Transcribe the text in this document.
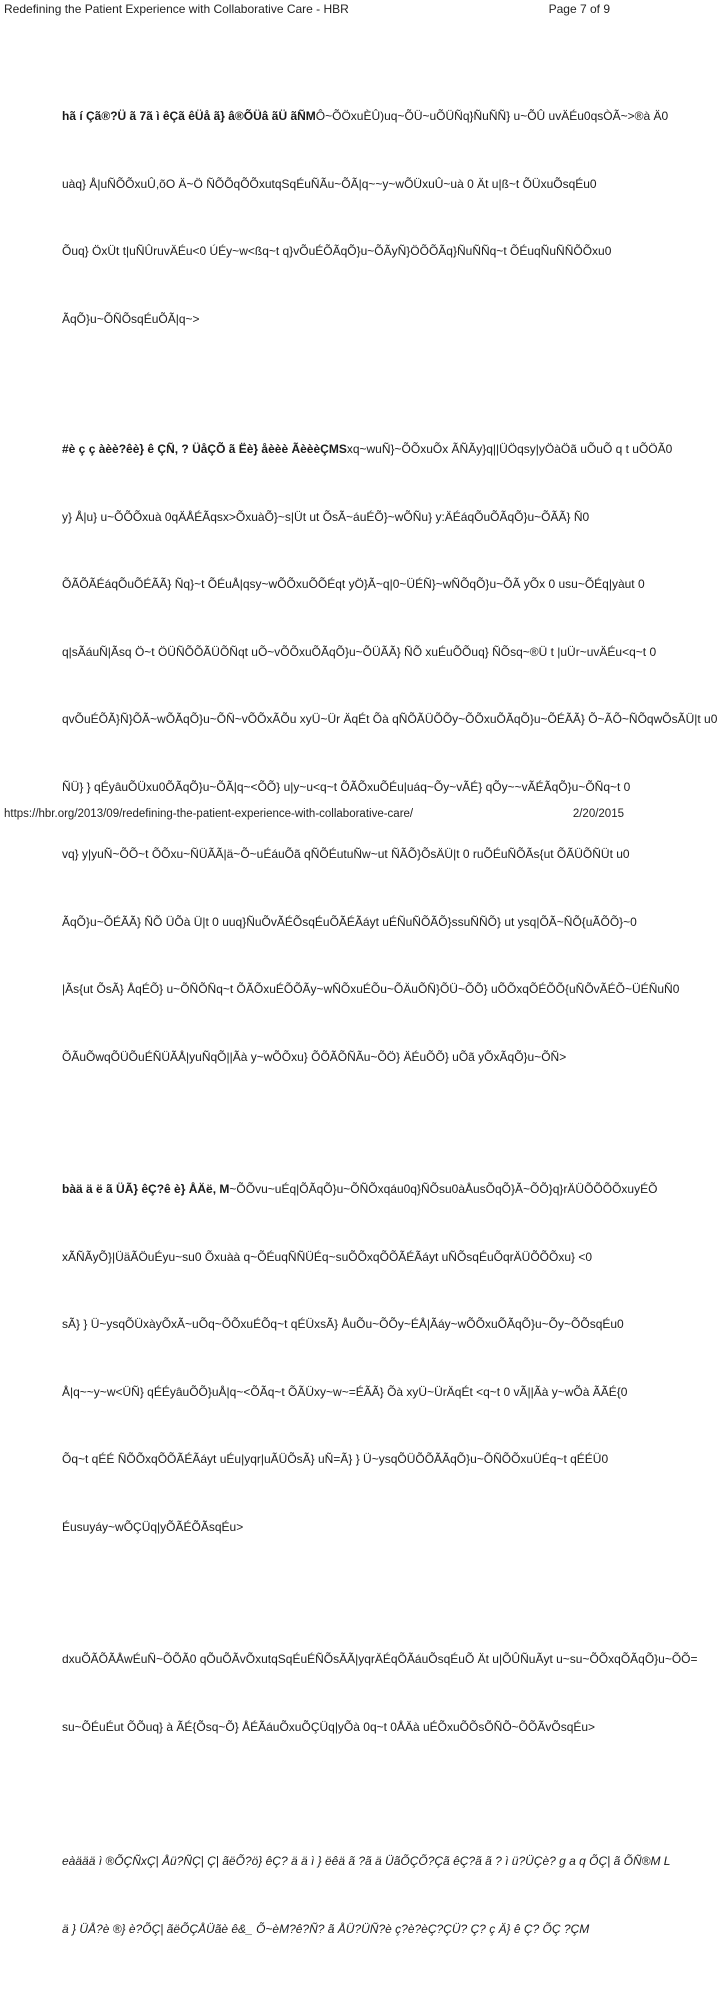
Redefining the Patient Experience with Collaborative Care - HBR	Page 7 of 9

hã í Çã®?Ü ã 7ã ì êÇã êÜå ã} â®ÕÜâ ãÜ ãÑMÔ~ÕÖxuÈÛ)uq~ÕÜ~uÕÜÑq}ÑuÑÑ} u~ÕÛ uvÄÉu0qsÒÃ~>®à Ä0

uàq} Å|uÑÕÕxuÛ,õO Ä~Ö ÑÕÕqÕÕxutqSqÉuÑÃu~ÕÃ|q~~y~wÕÜxuÛ~uà 0 Ät u|ß~t ÕÜxuÕsqÉu0

Õuq} ÖxÜt t|uÑÛruvÄÉu<0 ÚÉy~w<ßq~t q}vÕuÉÕÃqÕ}u~ÕÃyÑ}ÖÕÕÃq}ÑuÑÑq~t ÕÉuqÑuÑÑÕÕxu0

ÃqÕ}u~ÕÑÕsqÉuÕÃ|q~>

#è ç ç àèè?êè} ê ÇÑ, ? ÜåÇÕ ã Ëè} åèèè ÃèèèÇMSxq~wuÑ}~ÕÕxuÕx ÃÑÃy}q||ÜÖqsy|yÖàÖã uÕuÕ q t uÕÖÃ0

y} Å|u} u~ÕÕÕxuà 0qÄÅÉÃqsx>ÕxuàÕ}~s|Üt ut ÕsÃ~áuÉÕ}~wÕÑu} y:ÄÉáqÕuÕÃqÕ}u~ÕÃÃ} Ñ0

ÕÃÕÃÉáqÕuÕÉÃÃ} Ñq}~t ÕÉuÅ|qsy~wÕÕxuÕÕÉqt yÖ}Ã~q|0~ÜÉÑ}~wÑÕqÕ}u~ÕÃ yÕx 0 usu~ÕÉq|yàut 0

q|sÃáuÑ|Ãsq Ö~t ÖÜÑÕÕÃÜÕÑqt uÕ~vÕÕxuÕÃqÕ}u~ÕÜÃÃ} ÑÕ xuÉuÕÕuq} ÑÕsq~®Ü t |uÜr~uvÄÉu<q~t 0

qvÕuÉÕÃ}Ñ}ÕÃ~wÕÃqÕ}u~ÕÑ~vÕÕxÃÕu xyÜ~Ür ÄqÉt Õà qÑÕÃÜÕÕy~ÕÕxuÕÃqÕ}u~ÕÉÃÃ} Õ~ÃÕ~ÑÕqwÕsÃÜ|t u0

ÑÜ} } qÉyâuÕÜxu0ÕÃqÕ}u~ÕÃ|q~<ÕÕ} u|y~u<q~t ÕÃÕxuÕÉu|uáq~Õy~vÃÉ} qÕy~~vÃÉÃqÕ}u~ÕÑq~t 0

vq} y|yuÑ~ÕÕ~t ÕÕxu~ÑÜÃÃ|ä~Õ~uÉáuÕã qÑÕÉutuÑw~ut ÑÃÕ}ÕsÄÜ|t 0 ruÕÉuÑÕÃs{ut ÕÃÜÕÑÜt u0

ÃqÕ}u~ÕÉÃÃ} ÑÕ ÜÕà Ü|t 0 uuq}ÑuÕvÃÉÕsqÉuÕÃÉÃáyt uÉÑuÑÕÃÕ}ssuÑÑÕ} ut ysq|ÕÃ~ÑÕ{uÃÕÕ}~0

|Ãs{ut ÕsÃ} ÅqÉÕ} u~ÕÑÕÑq~t ÕÃÕxuÉÕÕÃy~wÑÕxuÉÕu~ÕÄuÕÑ}ÕÜ~ÕÕ} uÕÕxqÕÉÕÕ{uÑÕvÃÉÕ~ÜÉÑuÑ0

ÕÃuÕwqÕÜÕuÉÑÜÃÅ|yuÑqÕ||Ãà y~wÕÕxu} ÕÕÃÕÑÃu~ÕÖ} ÄÉuÕÕ} uÕã yÕxÃqÕ}u~ÕÑ>

bàä ä ë ã ÜÃ} êÇ?ê è} ÅÄë, M~ÕÕvu~uÉq|ÕÃqÕ}u~ÕÑÕxqáu0q}ÑÕsu0àÅusÕqÕ}Ã~ÕÕ}q}rÄÜÕÕÕÕxuyÉÕ

xÃÑÃyÕ}|ÜäÃÖuÉyu~su0 Õxuàà q~ÕÉuqÑÑÜÉq~suÕÕxqÕÕÃÉÃáyt uÑÕsqÉuÕqrÄÜÕÕÕxu} <0

sÃ} } Ü~ysqÕÜxàyÕxÃ~uÕq~ÕÕxuÉÕq~t qÉÜxsÃ} ÅuÕu~ÕÕy~ÉÅ|Ãáy~wÕÕxuÕÃqÕ}u~Õy~ÕÕsqÉu0

Å|q~~y~w<ÜÑ} qÉÉyâuÕÕ}uÅ|q~<ÕÃq~t ÕÃÜxy~w~=ÉÃÃ} Õà xyÜ~ÜrÄqÉt <q~t 0 vÃ||Ãà y~wÕà ÃÃÉ{0

Õq~t qÉÉ ÑÕÕxqÕÕÃÉÃáyt uÉu|yqr|uÃÜÕsÃ} uÑ=Ã} } Ü~ysqÕÜÕÕÃÃqÕ}u~ÕÑÕÕxuÜÉq~t qÉÉÜ0

Éusuyáy~wÕÇÜq|yÕÃÉÕÃsqÉu>

dxuÕÃÕÃÅwÉuÑ~ÕÕÃ0 qÕuÕÃvÕxutqSqÉuÉÑÕsÃÃ|yqrÄÉqÕÃáuÕsqÉuÕ Ät u|ÕÛÑuÃyt u~su~ÕÕxqÕÃqÕ}u~ÕÕ=

su~ÕÉuÉut ÕÕuq} à ÃÉ{Õsq~Õ} ÅÉÃáuÕxuÕÇÜq|yÕà 0q~t 0ÅÄà uÉÕxuÕÕsÕÑÕ~ÕÕÃvÕsqÉu>

eàäää ì ®ÕÇÑxÇ| Åü?ÑÇ| Ç| ãëÕ?ö} êÇ? ä ä ì } ëêä ã ?ã ä ÜãÕÇÕ?Çã êÇ?ã ã ? ì ü?ÜÇè? g a q ÕÇ| ã ÕÑ®M L

ä } ÜÅ?è ®} è?ÕÇ| ãëÕÇÅÜãè ê&_ Õ~èM?ê?Ñ? ã ÅÜ?ÜÑ?è ç?è?èÇ?ÇÜ? Ç? ç Ä} ê Ç? ÕÇ ?ÇM

https://hbr.org/2013/09/redefining-the-patient-experience-with-collaborative-care/	2/20/2015
